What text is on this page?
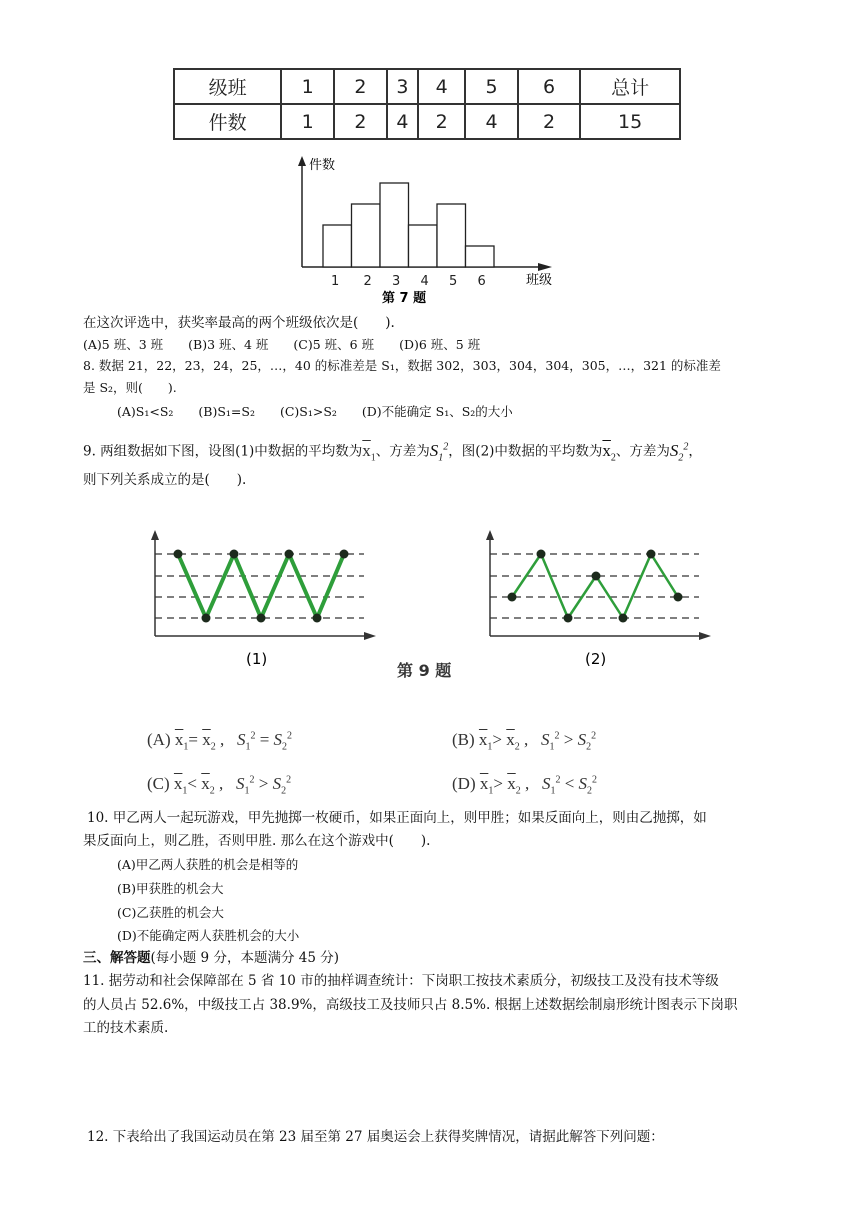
级班	1	2	3	4	5	6	总计
件数	1	2	4	2	4	2	15
1 2 3 4 5 6
件数
班级
第 7 题
在这次评选中，获奖率最高的两个班级依次是(　　).
(A)5 班、3 班　　(B)3 班、4 班　　(C)5 班、6 班　　(D)6 班、5 班
8. 数据 21，22，23，24，25，…，40 的标准差是 S₁，数据 302，303，304，304，305，…，321 的标准差
是 S₂，则(　　).
(A)S₁<S₂　　(B)S₁=S₂　　(C)S₁>S₂　　(D)不能确定 S₁、S₂的大小
9. 两组数据如下图，设图(1)中数据的平均数为$\overline{x}_1$、方差为$S_1^2$，图(2)中数据的平均数为$\overline{x}_2$、方差为$S_2^2$，
则下列关系成立的是(　　).
(1)	(2)
第 9 题
(A) $\overline{x}_1= \overline{x}_2$ ,   $S_1^2 = S_2^2$	(B) $\overline{x}_1> \overline{x}_2$ ,   $S_1^2 > S_2^2$
(C) $\overline{x}_1< \overline{x}_2$ ,   $S_1^2 > S_2^2$	(D) $\overline{x}_1> \overline{x}_2$ ,   $S_1^2 < S_2^2$
10. 甲乙两人一起玩游戏，甲先抛掷一枚硬币，如果正面向上，则甲胜；如果反面向上，则由乙抛掷，如
果反面向上，则乙胜，否则甲胜. 那么在这个游戏中(　　).
(A)甲乙两人获胜的机会是相等的
(B)甲获胜的机会大
(C)乙获胜的机会大
(D)不能确定两人获胜机会的大小
三、解答题(每小题 9 分，本题满分 45 分)
11. 据劳动和社会保障部在 5 省 10 市的抽样调查统计：下岗职工按技术素质分，初级技工及没有技术等级
的人员占 52.6%，中级技工占 38.9%，高级技工及技师只占 8.5%. 根据上述数据绘制扇形统计图表示下岗职
工的技术素质.
12. 下表给出了我国运动员在第 23 届至第 27 届奥运会上获得奖牌情况，请据此解答下列问题：
